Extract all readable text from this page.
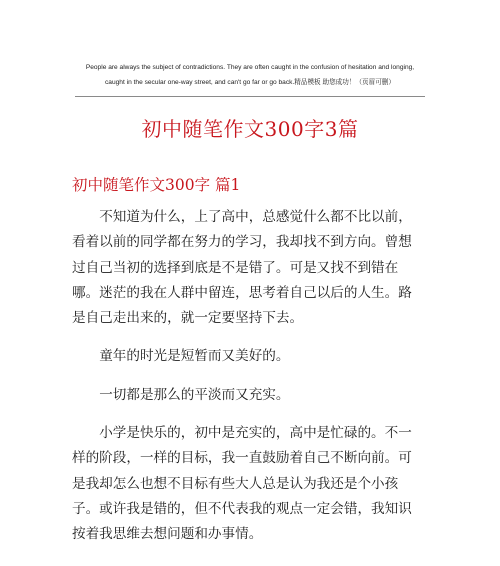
People are always the subject of contradictions. They are often caught in the confusion of hesitation and longing,
caught in the secular one-way street, and can't go far or go back.精品模板 助您成功！（页眉可删）
初中随笔作文300字3篇
初中随笔作文300字 篇1

不知道为什么，上了高中，总感觉什么都不比以前，看着以前的同学都在努力的学习，我却找不到方向。曾想过自己当初的选择到底是不是错了。可是又找不到错在哪。迷茫的我在人群中留连，思考着自己以后的人生。路是自己走出来的，就一定要坚持下去。

童年的时光是短暂而又美好的。

一切都是那么的平淡而又充实。

小学是快乐的，初中是充实的，高中是忙碌的。不一样的阶段，一样的目标，我一直鼓励着自己不断向前。可是我却怎么也想不目标有些大人总是认为我还是个小孩子。或许我是错的，但不代表我的观点一定会错，我知识按着我思维去想问题和办事情。
